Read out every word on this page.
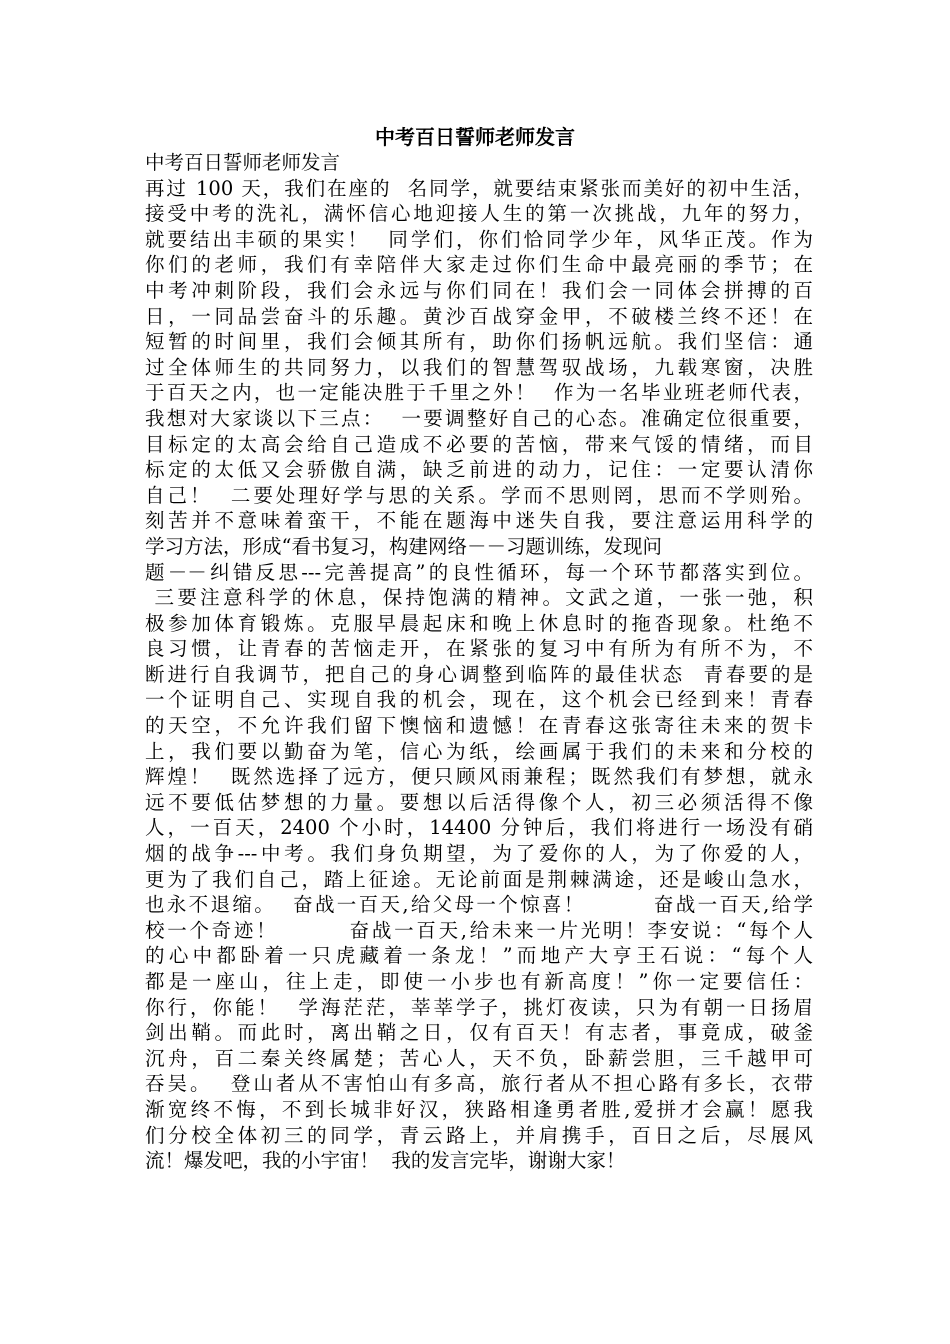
中考百日誓师老师发言
中考百日誓师老师发言
再过 100 天，我们在座的  名同学，就要结束紧张而美好的初中生活，
接受中考的洗礼，满怀信心地迎接人生的第一次挑战，九年的努力，
就要结出丰硕的果实！  同学们，你们恰同学少年，风华正茂。作为
你们的老师，我们有幸陪伴大家走过你们生命中最亮丽的季节；在
中考冲刺阶段，我们会永远与你们同在！我们会一同体会拼搏的百
日，一同品尝奋斗的乐趣。黄沙百战穿金甲，不破楼兰终不还！在
短暂的时间里，我们会倾其所有，助你们扬帆远航。我们坚信：通
过全体师生的共同努力，以我们的智慧驾驭战场，九载寒窗，决胜
于百天之内，也一定能决胜于千里之外！  作为一名毕业班老师代表，
我想对大家谈以下三点：  一要调整好自己的心态。准确定位很重要，
目标定的太高会给自己造成不必要的苦恼，带来气馁的情绪，而目
标定的太低又会骄傲自满，缺乏前进的动力，记住：一定要认清你
自己！  二要处理好学与思的关系。学而不思则罔，思而不学则殆。
刻苦并不意味着蛮干，不能在题海中迷失自我，要注意运用科学的
学习方法，形成“看书复习，构建网络－－习题训练，发现问
题－－纠错反思---完善提高”的良性循环，每一个环节都落实到位。
三要注意科学的休息，保持饱满的精神。文武之道，一张一弛，积
极参加体育锻炼。克服早晨起床和晚上休息时的拖沓现象。杜绝不
良习惯，让青春的苦恼走开，在紧张的复习中有所为有所不为，不
断进行自我调节，把自己的身心调整到临阵的最佳状态  青春要的是
一个证明自己、实现自我的机会，现在，这个机会已经到来！青春
的天空，不允许我们留下懊恼和遗憾！在青春这张寄往未来的贺卡
上，我们要以勤奋为笔，信心为纸，绘画属于我们的未来和分校的
辉煌！  既然选择了远方，便只顾风雨兼程；既然我们有梦想，就永
远不要低估梦想的力量。要想以后活得像个人，初三必须活得不像
人，一百天，2400 个小时，14400 分钟后，我们将进行一场没有硝
烟的战争---中考。我们身负期望，为了爱你的人，为了你爱的人，
更为了我们自己，踏上征途。无论前面是荆棘满途，还是峻山急水，
也永不退缩。  奋战一百天,给父母一个惊喜！        奋战一百天,给学
校一个奇迹！        奋战一百天,给未来一片光明！李安说：“每个人
的心中都卧着一只虎藏着一条龙！”而地产大亨王石说：“每个人
都是一座山，往上走，即使一小步也有新高度！”你一定要信任：
你行，你能！  学海茫茫，莘莘学子，挑灯夜读，只为有朝一日扬眉
剑出鞘。而此时，离出鞘之日，仅有百天！有志者，事竟成，破釜
沉舟，百二秦关终属楚；苦心人，天不负，卧薪尝胆，三千越甲可
吞吴。  登山者从不害怕山有多高，旅行者从不担心路有多长，衣带
渐宽终不悔，不到长城非好汉，狭路相逢勇者胜,爱拼才会赢！愿我
们分校全体初三的同学，青云路上，并肩携手，百日之后，尽展风
流！爆发吧，我的小宇宙！  我的发言完毕，谢谢大家！
